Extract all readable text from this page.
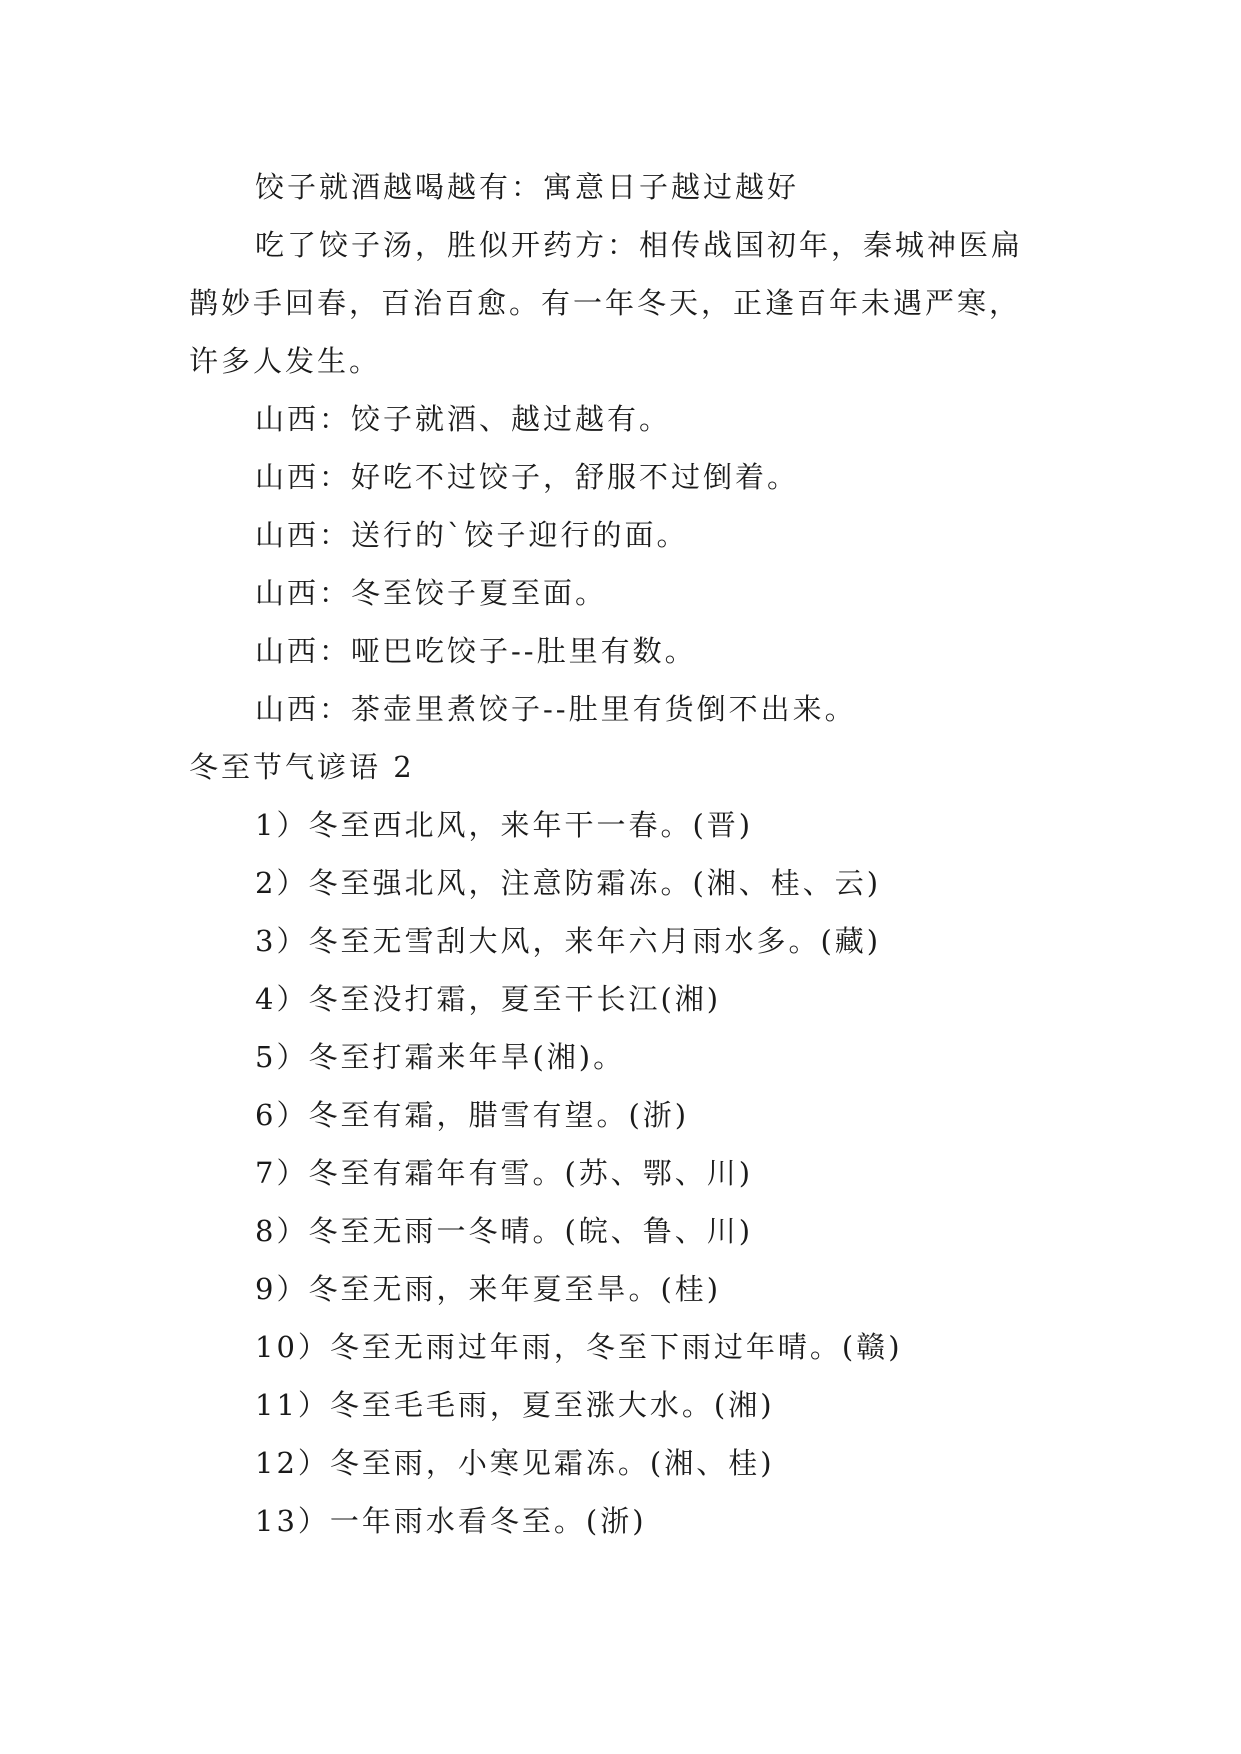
饺子就酒越喝越有：寓意日子越过越好
吃了饺子汤，胜似开药方：相传战国初年，秦城神医扁
鹊妙手回春，百治百愈。有一年冬天，正逢百年未遇严寒，
许多人发生。
山西：饺子就酒、越过越有。
山西：好吃不过饺子，舒服不过倒着。
山西：送行的`饺子迎行的面。
山西：冬至饺子夏至面。
山西：哑巴吃饺子--肚里有数。
山西：茶壶里煮饺子--肚里有货倒不出来。
冬至节气谚语 2
1）冬至西北风，来年干一春。(晋)
2）冬至强北风，注意防霜冻。(湘、桂、云)
3）冬至无雪刮大风，来年六月雨水多。(藏)
4）冬至没打霜，夏至干长江(湘)
5）冬至打霜来年旱(湘)。
6）冬至有霜，腊雪有望。(浙)
7）冬至有霜年有雪。(苏、鄂、川)
8）冬至无雨一冬晴。(皖、鲁、川)
9）冬至无雨，来年夏至旱。(桂)
10）冬至无雨过年雨，冬至下雨过年晴。(赣)
11）冬至毛毛雨，夏至涨大水。(湘)
12）冬至雨，小寒见霜冻。(湘、桂)
13）一年雨水看冬至。(浙)
